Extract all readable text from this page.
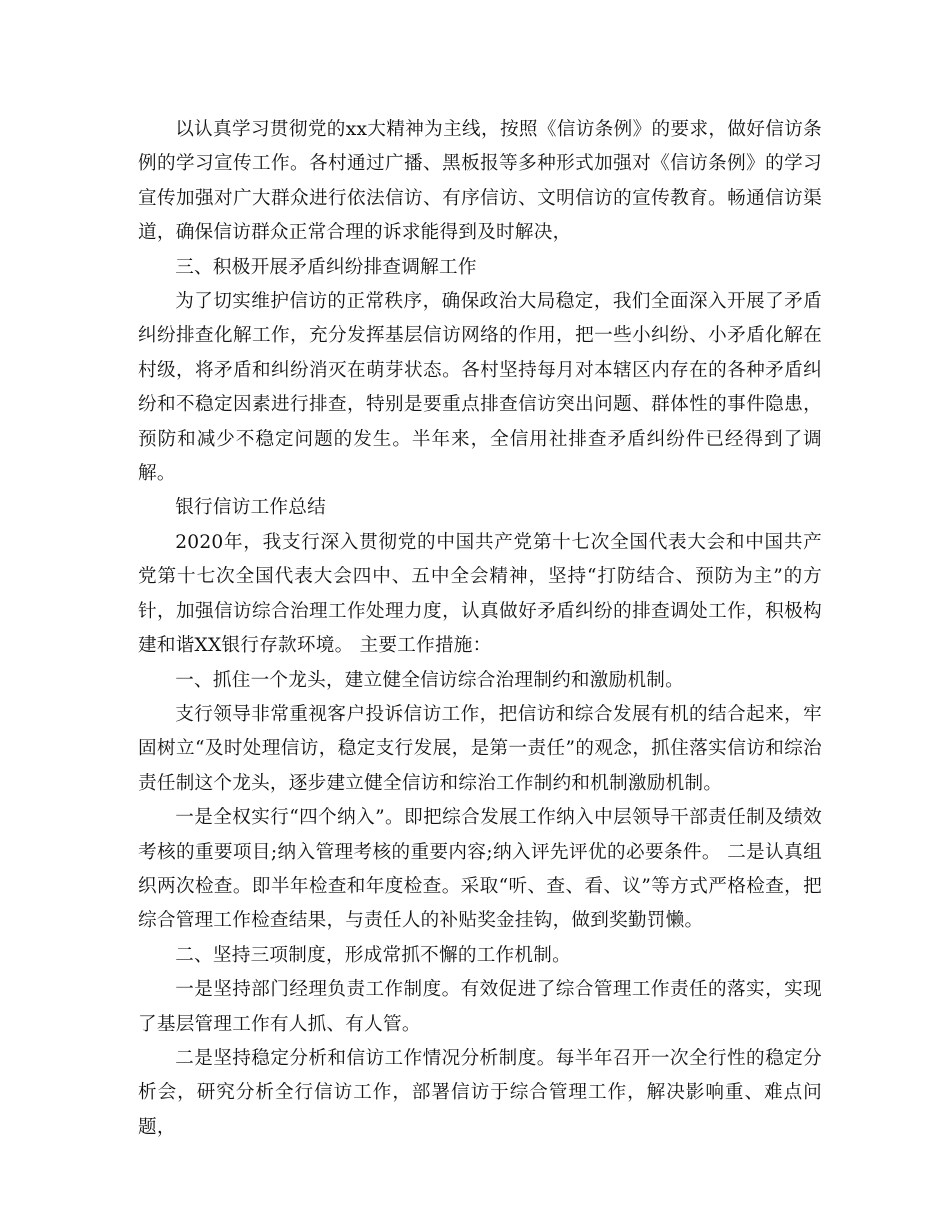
以认真学习贯彻党的xx大精神为主线，按照《信访条例》的要求，做好信访条例的学习宣传工作。各村通过广播、黑板报等多种形式加强对《信访条例》的学习宣传加强对广大群众进行依法信访、有序信访、文明信访的宣传教育。畅通信访渠道，确保信访群众正常合理的诉求能得到及时解决，

三、积极开展矛盾纠纷排查调解工作

为了切实维护信访的正常秩序，确保政治大局稳定，我们全面深入开展了矛盾纠纷排查化解工作，充分发挥基层信访网络的作用，把一些小纠纷、小矛盾化解在村级，将矛盾和纠纷消灭在萌芽状态。各村坚持每月对本辖区内存在的各种矛盾纠纷和不稳定因素进行排查，特别是要重点排查信访突出问题、群体性的事件隐患，预防和减少不稳定问题的发生。半年来，全信用社排查矛盾纠纷件已经得到了调解。

银行信访工作总结

2020年，我支行深入贯彻党的中国共产党第十七次全国代表大会和中国共产党第十七次全国代表大会四中、五中全会精神，坚持“打防结合、预防为主”的方针，加强信访综合治理工作处理力度，认真做好矛盾纠纷的排查调处工作，积极构建和谐XX银行存款环境。 主要工作措施：

一、抓住一个龙头，建立健全信访综合治理制约和激励机制。

支行领导非常重视客户投诉信访工作，把信访和综合发展有机的结合起来，牢固树立“及时处理信访，稳定支行发展，是第一责任”的观念，抓住落实信访和综治责任制这个龙头，逐步建立健全信访和综治工作制约和机制激励机制。

一是全权实行“四个纳入”。即把综合发展工作纳入中层领导干部责任制及绩效考核的重要项目;纳入管理考核的重要内容;纳入评先评优的必要条件。 二是认真组织两次检查。即半年检查和年度检查。采取“听、查、看、议”等方式严格检查，把综合管理工作检查结果，与责任人的补贴奖金挂钩，做到奖勤罚懒。

二、坚持三项制度，形成常抓不懈的工作机制。

一是坚持部门经理负责工作制度。有效促进了综合管理工作责任的落实，实现了基层管理工作有人抓、有人管。

二是坚持稳定分析和信访工作情况分析制度。每半年召开一次全行性的稳定分析会，研究分析全行信访工作，部署信访于综合管理工作，解决影响重、难点问题，
